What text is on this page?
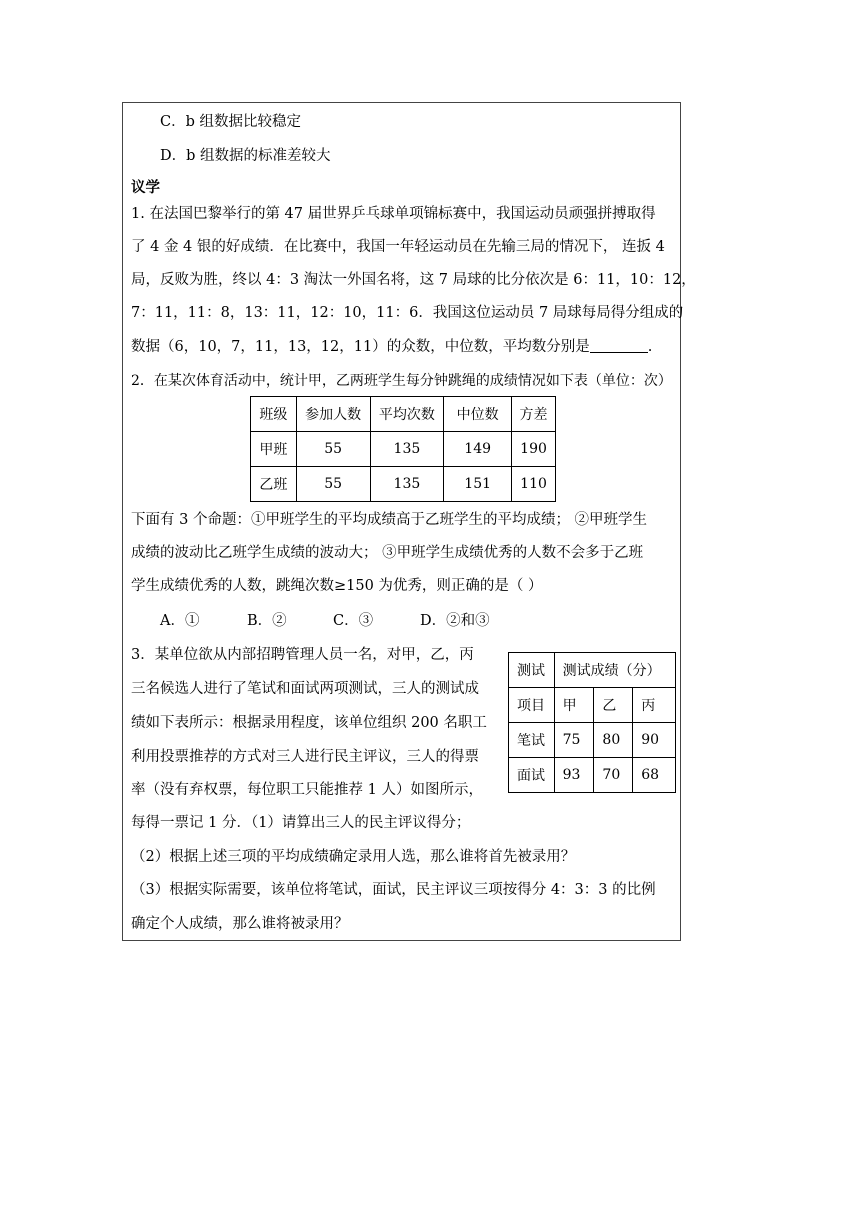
C．b 组数据比较稳定
D．b 组数据的标准差较大
议学
1. 在法国巴黎举行的第 47 届世界乒乓球单项锦标赛中，我国运动员顽强拼搏取得
了 4 金 4 银的好成绩．在比赛中，我国一年轻运动员在先输三局的情况下， 连扳 4
局，反败为胜，终以 4：3 淘汰一外国名将，这 7 局球的比分依次是 6：11，10：12，
7：11，11：8，13：11，12：10，11：6．我国这位运动员 7 局球每局得分组成的
数据（6，10，7，11，13，12，11）的众数，中位数，平均数分别是	.
2．在某次体育活动中，统计甲，乙两班学生每分钟跳绳的成绩情况如下表（单位：次）
班级	参加人数	平均次数	中位数	方差
甲班	55	135	149	190
乙班	55	135	151	110
下面有 3 个命题：①甲班学生的平均成绩高于乙班学生的平均成绩； ②甲班学生
成绩的波动比乙班学生成绩的波动大； ③甲班学生成绩优秀的人数不会多于乙班
学生成绩优秀的人数，跳绳次数≥150 为优秀，则正确的是（ ）
A．①	B．②	C．③	D．②和③
3．某单位欲从内部招聘管理人员一名，对甲，乙，丙
三名候选人进行了笔试和面试两项测试，三人的测试成
绩如下表所示：根据录用程度，该单位组织 200 名职工
利用投票推荐的方式对三人进行民主评议，三人的得票
率（没有弃权票，每位职工只能推荐 1 人）如图所示，
每得一票记 1 分．（1）请算出三人的民主评议得分；
（2）根据上述三项的平均成绩确定录用人选，那么谁将首先被录用？
（3）根据实际需要，该单位将笔试，面试，民主评议三项按得分 4：3：3 的比例
确定个人成绩，那么谁将被录用？
测试	测试成绩（分）		
项目	甲	乙	丙
笔试	75	80	90
面试	93	70	68
